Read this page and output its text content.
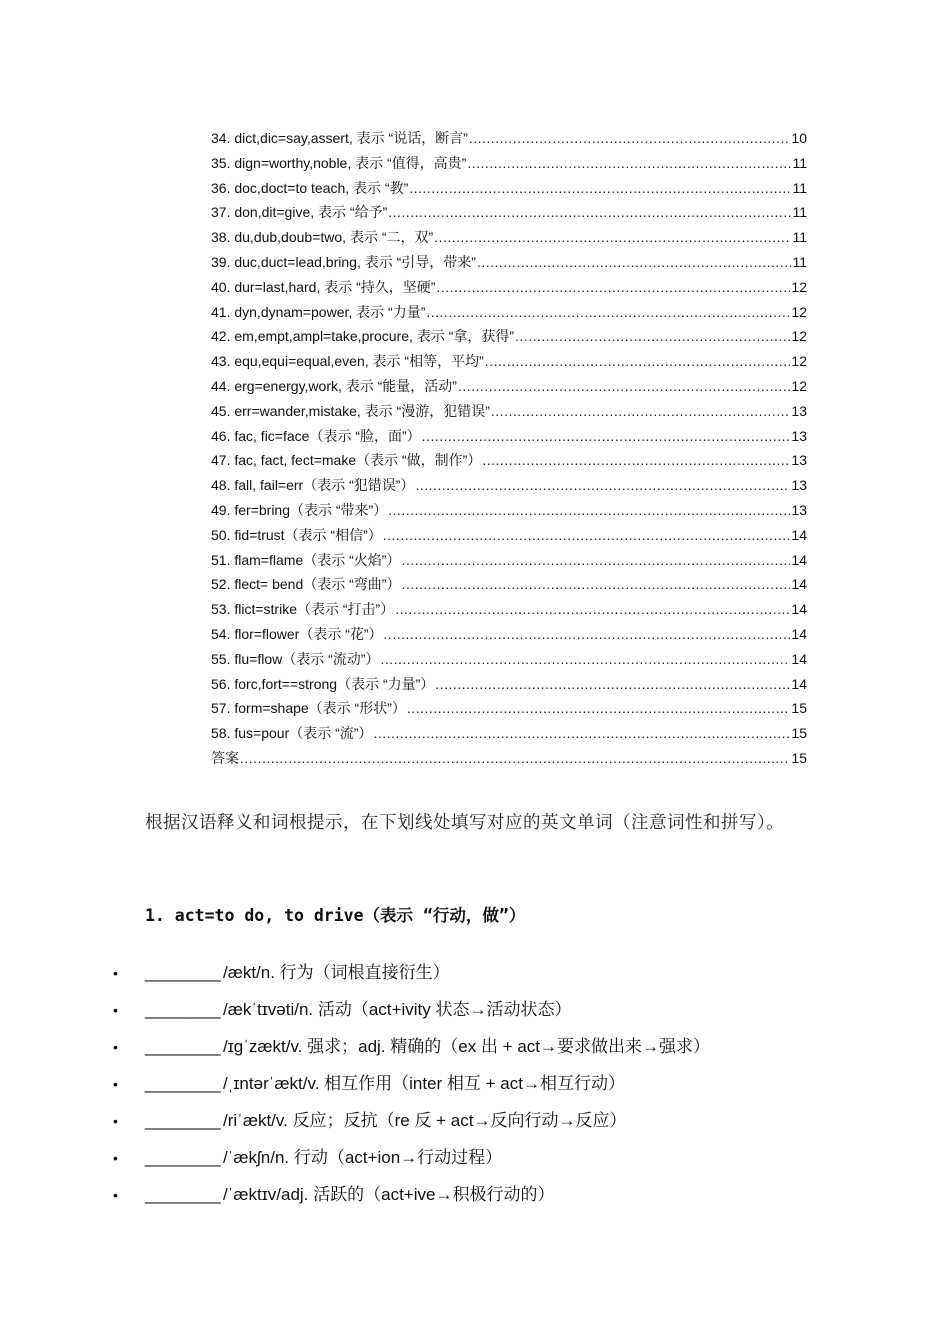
34. dict,dic=say,assert, 表示 “说话，断言” .....	10
35. dign=worthy,noble, 表示 “值得，高贵” .....	11
36. doc,doct=to teach, 表示 “教” .....	11
37. don,dit=give, 表示 “给予” .....	11
38. du,dub,doub=two, 表示 “二，双” .....	11
39. duc,duct=lead,bring, 表示 “引导，带来” .....	11
40. dur=last,hard, 表示 “持久，坚硬” .....	12
41. dyn,dynam=power, 表示 “力量” .....	12
42. em,empt,ampl=take,procure, 表示 “拿，获得” .....	12
43. equ,equi=equal,even, 表示 “相等，平均” .....	12
44. erg=energy,work, 表示 “能量，活动” .....	12
45. err=wander,mistake, 表示 “漫游，犯错误” .....	13
46. fac, fic=face（表示 “脸，面”） .....	13
47. fac, fact, fect=make（表示 “做，制作”） .....	13
48. fall, fail=err（表示 “犯错误”） .....	13
49. fer=bring（表示 “带来”） .....	13
50. fid=trust（表示 “相信”） .....	14
51. flam=flame（表示 “火焰”） .....	14
52. flect= bend（表示 “弯曲”） .....	14
53. flict=strike（表示 “打击”） .....	14
54. flor=flower（表示 “花”） .....	14
55. flu=flow（表示 “流动”） .....	14
56. forc,fort==strong（表示 “力量”） .....	14
57. form=shape（表示 “形状”） .....	15
58. fus=pour（表示 “流”） .....	15
答案 .....	15
根据汉语释义和词根提示，在下划线处填写对应的英文单词（注意词性和拼写）。
1. act=to do, to drive（表示 “行动，做”）
• ________ /ækt/n. 行为（词根直接衍生）
• ________ /ækˈtɪvəti/n. 活动（act+ivity 状态→活动状态）
• ________ /ɪɡˈzækt/v. 强求；adj. 精确的（ex 出 + act→要求做出来→强求）
• ________ /ˌɪntərˈækt/v. 相互作用（inter 相互 + act→相互行动）
• ________ /riˈækt/v. 反应；反抗（re 反 + act→反向行动→反应）
• ________ /ˈækʃn/n. 行动（act+ion→行动过程）
• ________ /ˈæktɪv/adj. 活跃的（act+ive→积极行动的）
